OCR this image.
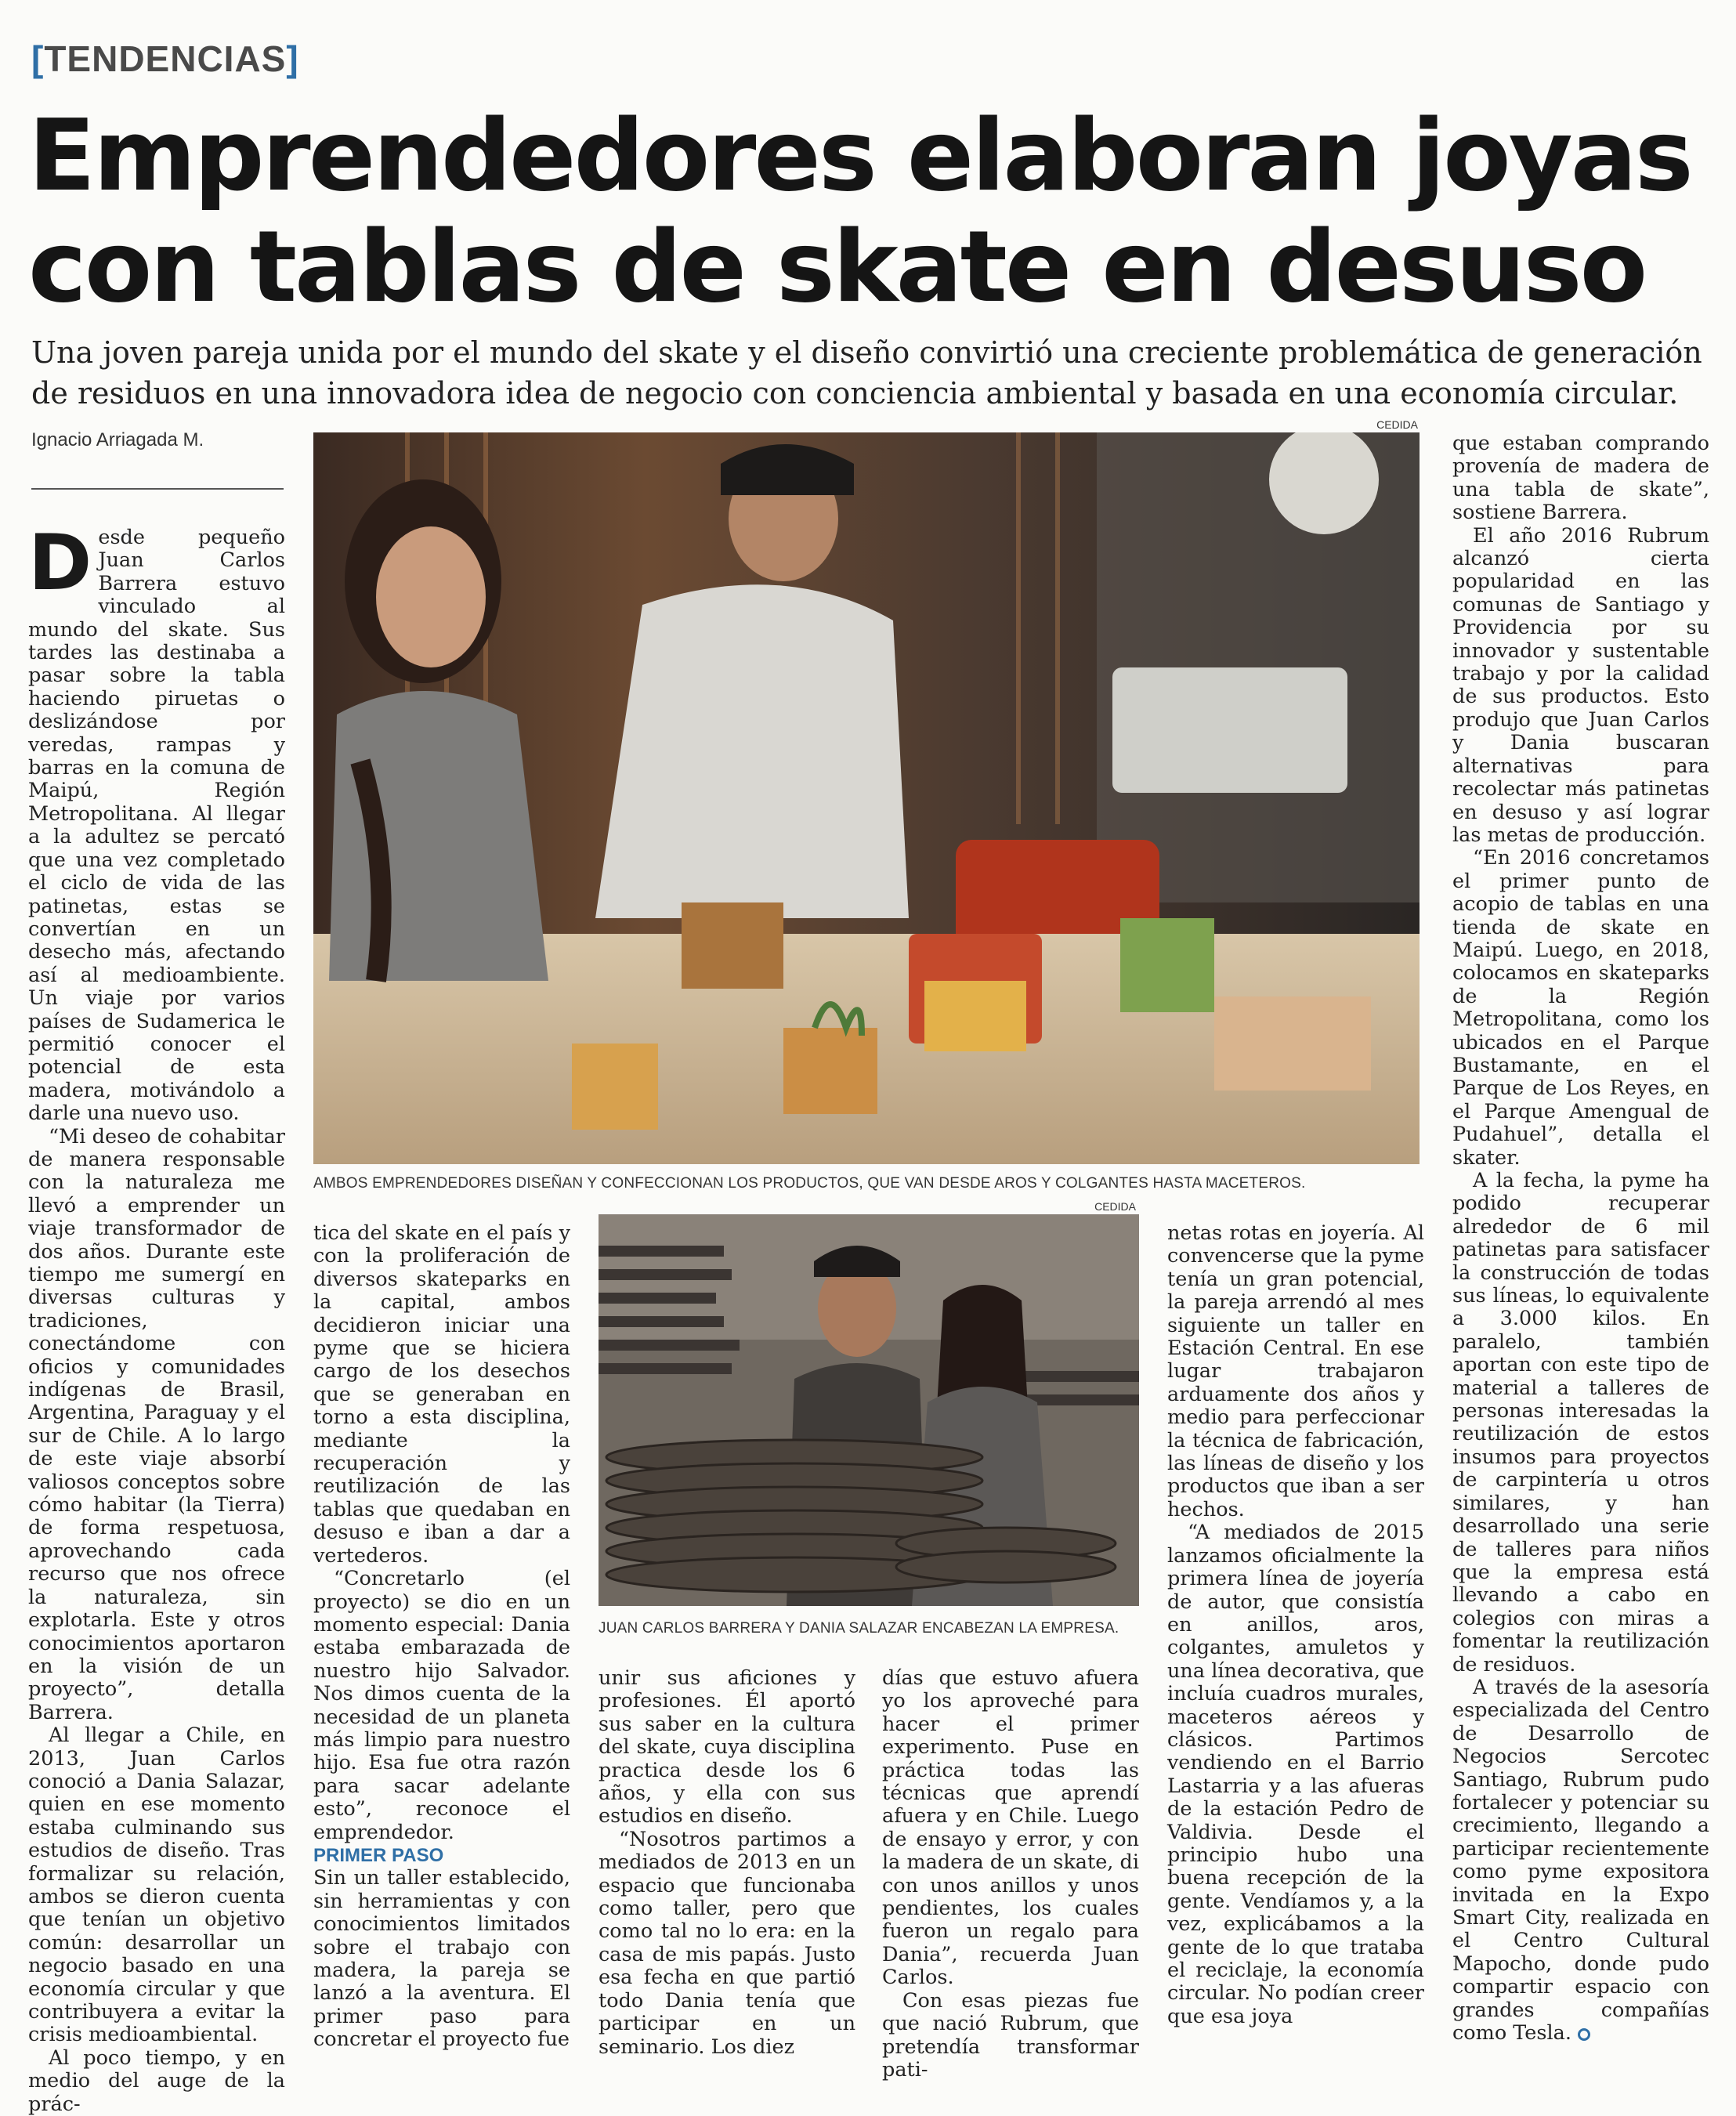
[TENDENCIAS]
Emprendedores elaboran joyas
con tablas de skate en desuso
Una joven pareja unida por el mundo del skate y el diseño convirtió una creciente problemática de generación de residuos en una innovadora idea de negocio con conciencia ambiental y basada en una economía circular.
Ignacio Arriagada M.
CEDIDA
AMBOS EMPRENDEDORES DISEÑAN Y CONFECCIONAN LOS PRODUCTOS, QUE VAN DESDE AROS Y COLGANTES HASTA MACETEROS.
CEDIDA
JUAN CARLOS BARRERA Y DANIA SALAZAR ENCABEZAN LA EMPRESA.

Desde pequeño Juan Carlos Barrera estuvo vinculado al mundo del skate. Sus tardes las destinaba a pasar sobre la tabla haciendo piruetas o deslizándose por veredas, rampas y barras en la comuna de Maipú, Región Metropolitana. Al llegar a la adultez se percató que una vez completado el ciclo de vida de las patinetas, estas se convertían en un desecho más, afectando así al medioambiente. Un viaje por varios países de Sudamerica le permitió conocer el potencial de esta madera, motivándolo a darle una nuevo uso.

“Mi deseo de cohabitar de manera responsable con la naturaleza me llevó a emprender un viaje transformador de dos años. Durante este tiempo me sumergí en diversas culturas y tradiciones, conectándome con oficios y comunidades indígenas de Brasil, Argentina, Paraguay y el sur de Chile. A lo largo de este viaje absorbí valiosos conceptos sobre cómo habitar (la Tierra) de forma respetuosa, aprovechando cada recurso que nos ofrece la naturaleza, sin explotarla. Este y otros conocimientos aportaron en la visión de un proyecto”, detalla Barrera.

Al llegar a Chile, en 2013, Juan Carlos conoció a Dania Salazar, quien en ese momento estaba culminando sus estudios de diseño. Tras formalizar su relación, ambos se dieron cuenta que tenían un objetivo común: desarrollar un negocio basado en una economía circular y que contribuyera a evitar la crisis medioambiental.

Al poco tiempo, y en medio del auge de la prác-

tica del skate en el país y con la proliferación de diversos skateparks en la capital, ambos decidieron iniciar una pyme que se hiciera cargo de los desechos que se generaban en torno a esta disciplina, mediante la recuperación y reutilización de las tablas que quedaban en desuso e iban a dar a vertederos.

“Concretarlo (el proyecto) se dio en un momento especial: Dania estaba embarazada de nuestro hijo Salvador. Nos dimos cuenta de la necesidad de un planeta más limpio para nuestro hijo. Esa fue otra razón para sacar adelante esto”, reconoce el emprendedor.

PRIMER PASO

Sin un taller establecido, sin herramientas y con conocimientos limitados sobre el trabajo con madera, la pareja se lanzó a la aventura. El primer paso para concretar el proyecto fue

unir sus aficiones y profesiones. Él aportó sus saber en la cultura del skate, cuya disciplina practica desde los 6 años, y ella con sus estudios en diseño.

“Nosotros partimos a mediados de 2013 en un espacio que funcionaba como taller, pero que como tal no lo era: en la casa de mis papás. Justo esa fecha en que partió todo Dania tenía que participar en un seminario. Los diez

días que estuvo afuera yo los aproveché para hacer el primer experimento. Puse en práctica todas las técnicas que aprendí afuera y en Chile. Luego de ensayo y error, y con la madera de un skate, di con unos anillos y unos pendientes, los cuales fueron un regalo para Dania”, recuerda Juan Carlos.

Con esas piezas fue que nació Rubrum, que pretendía transformar pati-

netas rotas en joyería. Al convencerse que la pyme tenía un gran potencial, la pareja arrendó al mes siguiente un taller en Estación Central. En ese lugar trabajaron arduamente dos años y medio para perfeccionar la técnica de fabricación, las líneas de diseño y los productos que iban a ser hechos.

“A mediados de 2015 lanzamos oficialmente la primera línea de joyería de autor, que consistía en anillos, aros, colgantes, amuletos y una línea decorativa, que incluía cuadros murales, maceteros aéreos y clásicos. Partimos vendiendo en el Barrio Lastarria y a las afueras de la estación Pedro de Valdivia. Desde el principio hubo una buena recepción de la gente. Vendíamos y, a la vez, explicábamos a la gente de lo que trataba el reciclaje, la economía circular. No podían creer que esa joya

que estaban comprando provenía de madera de una tabla de skate”, sostiene Barrera.

El año 2016 Rubrum alcanzó cierta popularidad en las comunas de Santiago y Providencia por su innovador y sustentable trabajo y por la calidad de sus productos. Esto produjo que Juan Carlos y Dania buscaran alternativas para recolectar más patinetas en desuso y así lograr las metas de producción.

“En 2016 concretamos el primer punto de acopio de tablas en una tienda de skate en Maipú. Luego, en 2018, colocamos en skateparks de la Región Metropolitana, como los ubicados en el Parque Bustamante, en el Parque de Los Reyes, en el Parque Amengual de Pudahuel”, detalla el skater.

A la fecha, la pyme ha podido recuperar alrededor de 6 mil patinetas para satisfacer la construcción de todas sus líneas, lo equivalente a 3.000 kilos. En paralelo, también aportan con este tipo de material a talleres de personas interesadas la reutilización de estos insumos para proyectos de carpintería u otros similares, y han desarrollado una serie de talleres para niños que la empresa está llevando a cabo en colegios con miras a fomentar la reutilización de residuos.

A través de la asesoría especializada del Centro de Desarrollo de Negocios Sercotec Santiago, Rubrum pudo fortalecer y potenciar su crecimiento, llegando a participar recientemente como pyme expositora invitada en la Expo Smart City, realizada en el Centro Cultural Mapocho, donde pudo compartir espacio con grandes compañías como Tesla.
